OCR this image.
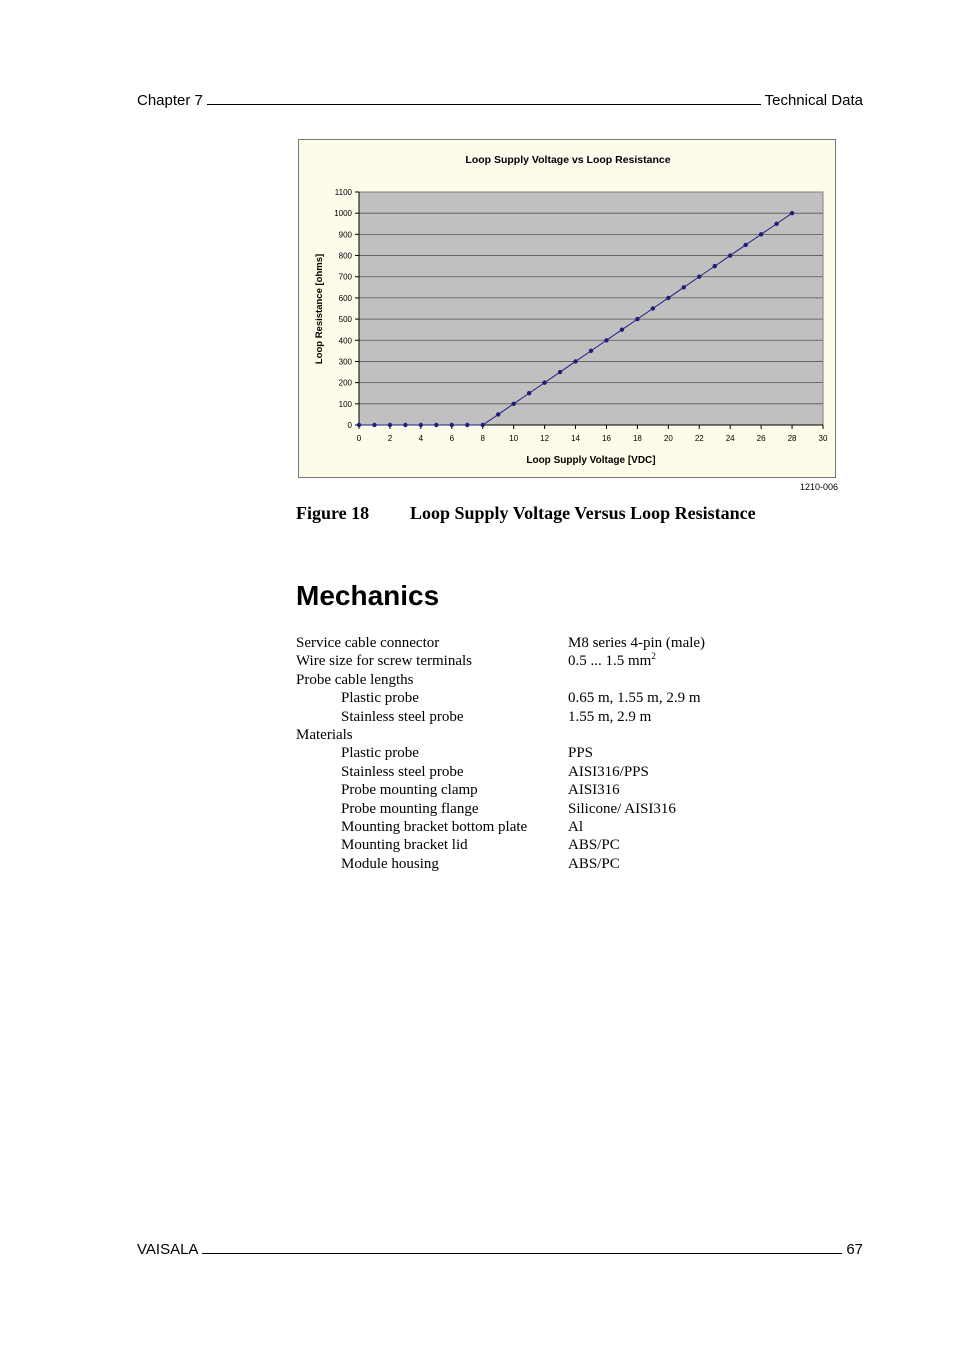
Chapter 7	Technical Data
0
100
200
300
400
500
600
700
800
900
1000
1100
0	2	4	6	8	10	12	14	16	18	20	22	24	26	28	30
Loop Supply Voltage vs Loop Resistance
Loop Supply Voltage [VDC]
Loop Resistance [ohms]
1210-006
Figure 18	Loop Supply Voltage Versus Loop Resistance
Mechanics
Service cable connector	M8 series 4-pin (male)
Wire size for screw terminals	0.5 ... 1.5 $mm^2$
Probe cable lengths
Plastic probe	0.65 m, 1.55 m, 2.9 m
Stainless steel probe	1.55 m, 2.9 m
Materials
Plastic probe	PPS
Stainless steel probe	AISI316/PPS
Probe mounting clamp	AISI316
Probe mounting flange	Silicone/ AISI316
Mounting bracket bottom plate	Al
Mounting bracket lid	ABS/PC
Module housing	ABS/PC
VAISALA	67
